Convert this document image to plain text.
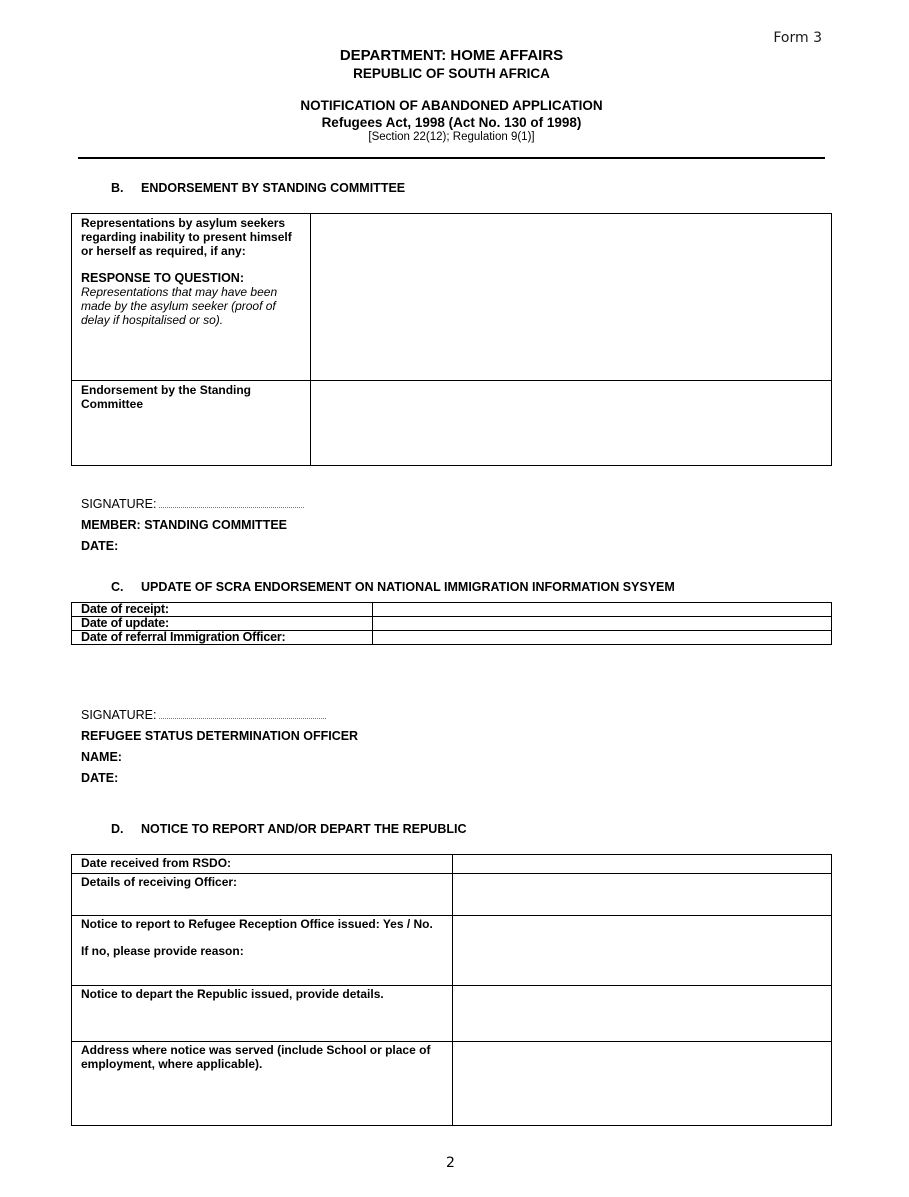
Form 3
DEPARTMENT: HOME AFFAIRS
REPUBLIC OF SOUTH AFRICA
NOTIFICATION OF ABANDONED APPLICATION
Refugees Act, 1998 (Act No. 130 of 1998)
[Section 22(12); Regulation 9(1)]
B. ENDORSEMENT BY STANDING COMMITTEE
Representations by asylum seekers regarding inability to present himself or herself as required, if any:
RESPONSE TO QUESTION:
Representations that may have been made by the asylum seeker (proof of delay if hospitalised or so).	

Endorsement by the Standing Committee	

SIGNATURE:
MEMBER: STANDING COMMITTEE
DATE:
C. UPDATE OF SCRA ENDORSEMENT ON NATIONAL IMMIGRATION INFORMATION SYSYEM
Date of receipt:	

Date of update:	

Date of referral Immigration Officer:	

SIGNATURE:
REFUGEE STATUS DETERMINATION OFFICER
NAME:
DATE:
D. NOTICE TO REPORT AND/OR DEPART THE REPUBLIC
Date received from RSDO:	

Details of receiving Officer:	

Notice to report to Refugee Reception Office issued: Yes / No.
If no, please provide reason:	

Notice to depart the Republic issued, provide details.	

Address where notice was served (include School or place of employment, where applicable).	

2
